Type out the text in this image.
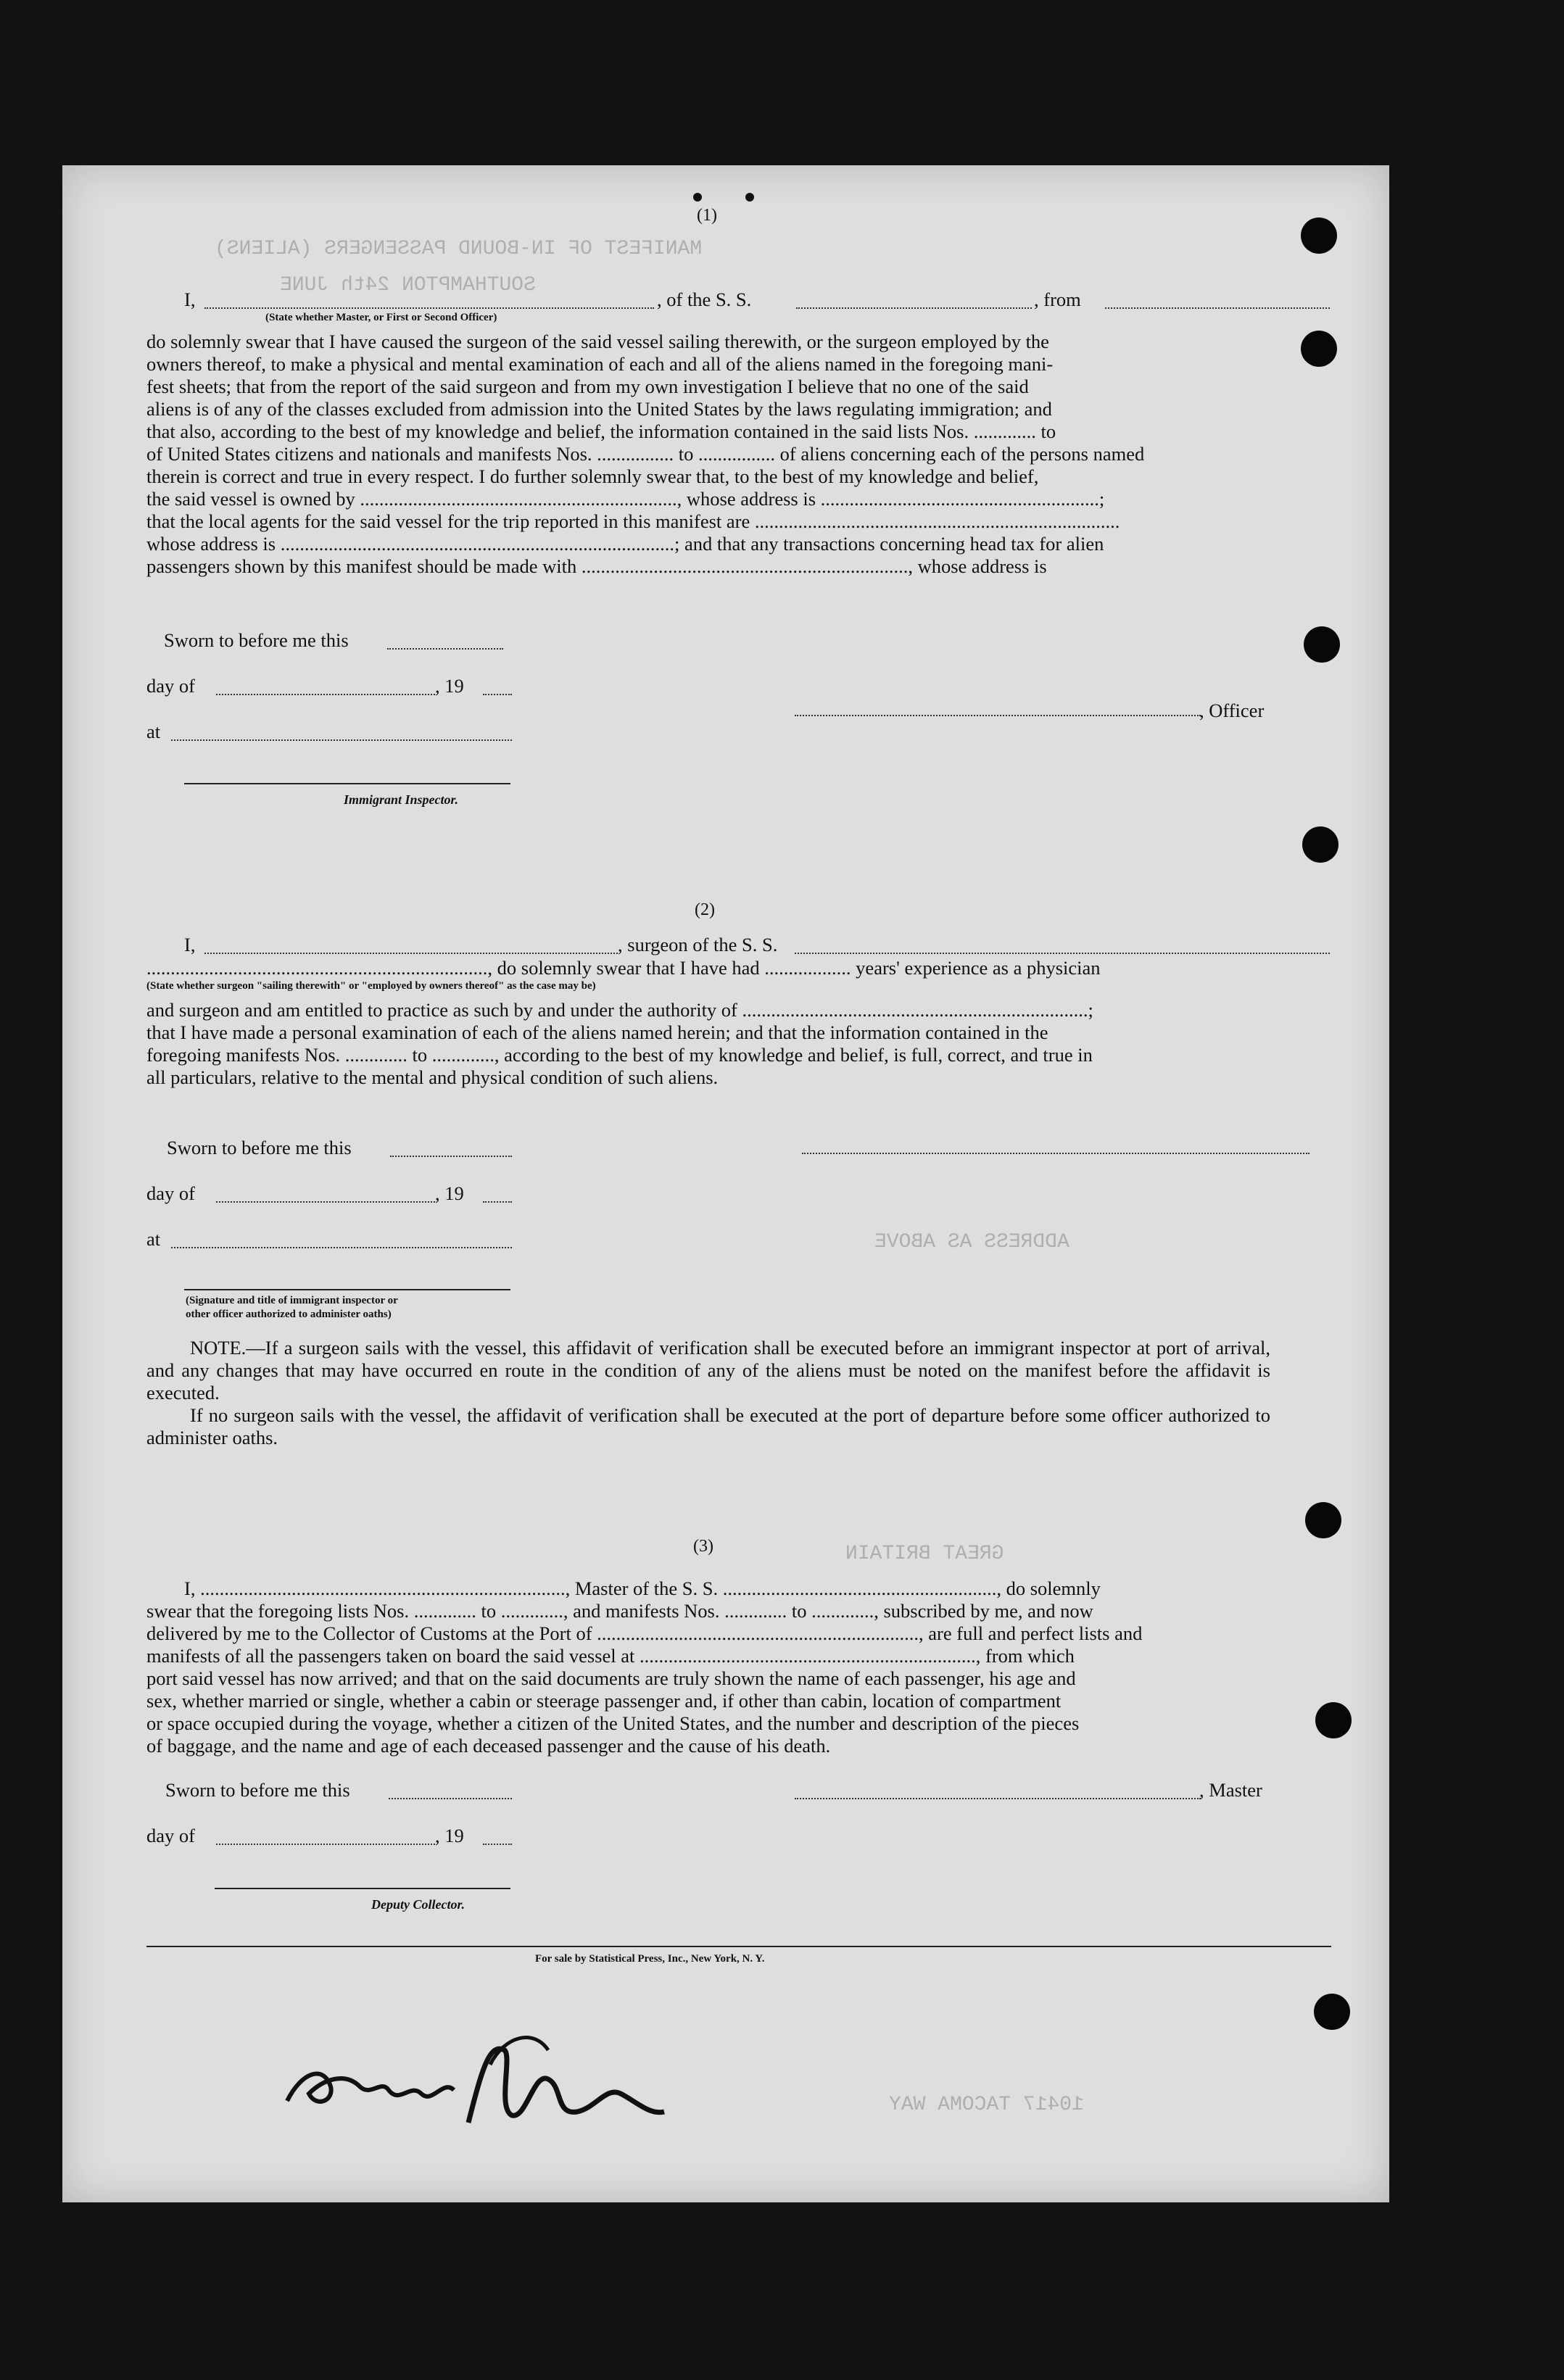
MANIFEST OF IN-BOUND PASSENGERS (ALIENS)
SOUTHAMPTON 24th JUNE
ADDRESS AS ABOVE
GREAT BRITAIN
10417 TACOMA WAY
(1)
I,	, of the S. S.	, from
(State whether Master, or First or Second Officer)
do solemnly swear that I have caused the surgeon of the said vessel sailing therewith, or the surgeon employed by the
owners thereof, to make a physical and mental examination of each and all of the aliens named in the foregoing mani-
fest sheets; that from the report of the said surgeon and from my own investigation I believe that no one of the said
aliens is of any of the classes excluded from admission into the United States by the laws regulating immigration; and
that also, according to the best of my knowledge and belief, the information contained in the said lists Nos. ............. to
of United States citizens and nationals and manifests Nos. ................ to ................ of aliens concerning each of the persons named
therein is correct and true in every respect. I do further solemnly swear that, to the best of my knowledge and belief,
the said vessel is owned by .................................................................., whose address is ..........................................................;
that the local agents for the said vessel for the trip reported in this manifest are ............................................................................
whose address is ..................................................................................; and that any transactions concerning head tax for alien
passengers shown by this manifest should be made with ...................................................................., whose address is
Sworn to before me this
day of	, 19
at
, Officer
Immigrant Inspector.
(2)
I,	, surgeon of the S. S.
......................................................................., do solemnly swear that I have had .................. years' experience as a physician
(State whether surgeon "sailing therewith" or "employed by owners thereof" as the case may be)
and surgeon and am entitled to practice as such by and under the authority of ........................................................................;
that I have made a personal examination of each of the aliens named herein; and that the information contained in the
foregoing manifests Nos. ............. to ............., according to the best of my knowledge and belief, is full, correct, and true in
all particulars, relative to the mental and physical condition of such aliens.
Sworn to before me this
day of	, 19
at
(Signature and title of immigrant inspector or
other officer authorized to administer oaths)
NOTE.—If a surgeon sails with the vessel, this affidavit of verification shall be executed before an immigrant inspector at port of arrival, and any changes that may have occurred en route in the condition of any of the aliens must be noted on the manifest before the affidavit is executed.
If no surgeon sails with the vessel, the affidavit of verification shall be executed at the port of departure before some officer authorized to administer oaths.
(3)
I, ............................................................................, Master of the S. S. ........................................................., do solemnly
swear that the foregoing lists Nos. ............. to ............., and manifests Nos. ............. to ............., subscribed by me, and now
delivered by me to the Collector of Customs at the Port of ..................................................................., are full and perfect lists and
manifests of all the passengers taken on board the said vessel at ......................................................................, from which
port said vessel has now arrived; and that on the said documents are truly shown the name of each passenger, his age and
sex, whether married or single, whether a cabin or steerage passenger and, if other than cabin, location of compartment
or space occupied during the voyage, whether a citizen of the United States, and the number and description of the pieces
of baggage, and the name and age of each deceased passenger and the cause of his death.
Sworn to before me this	, Master
day of	, 19
Deputy Collector.
For sale by Statistical Press, Inc., New York, N. Y.
